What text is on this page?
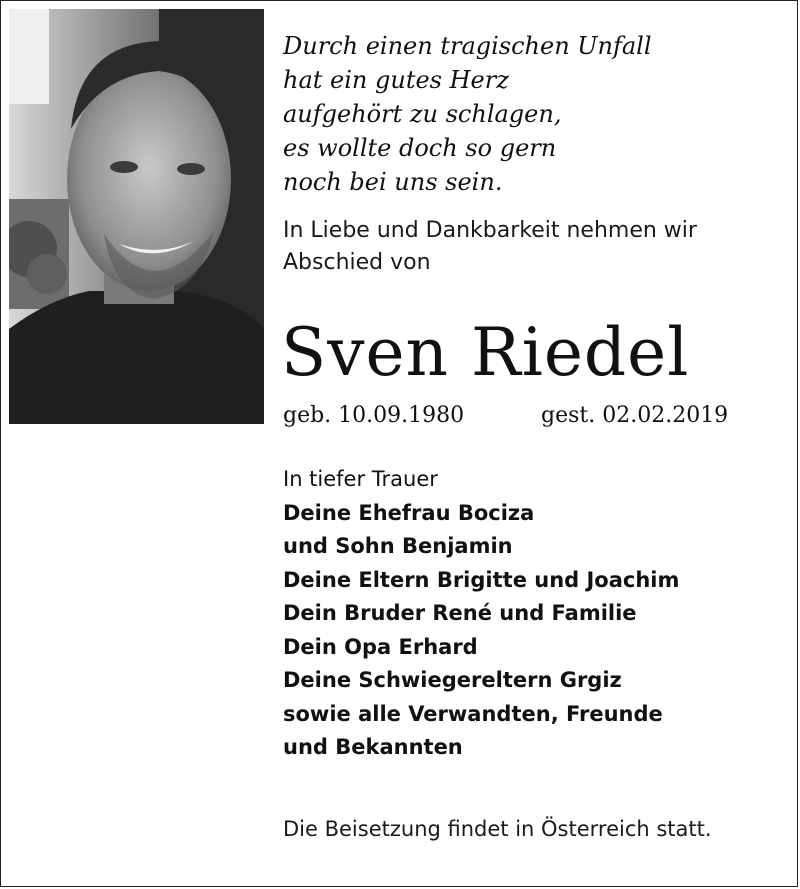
Durch einen tragischen Unfall
hat ein gutes Herz
aufgehört zu schlagen,
es wollte doch so gern
noch bei uns sein.
In Liebe und Dankbarkeit nehmen wir
Abschied von
Sven Riedel
geb. 10.09.1980	gest. 02.02.2019
In tiefer Trauer
Deine Ehefrau Bociza
und Sohn Benjamin
Deine Eltern Brigitte und Joachim
Dein Bruder René und Familie
Dein Opa Erhard
Deine Schwiegereltern Grgiz
sowie alle Verwandten, Freunde
und Bekannten
Die Beisetzung findet in Österreich statt.
